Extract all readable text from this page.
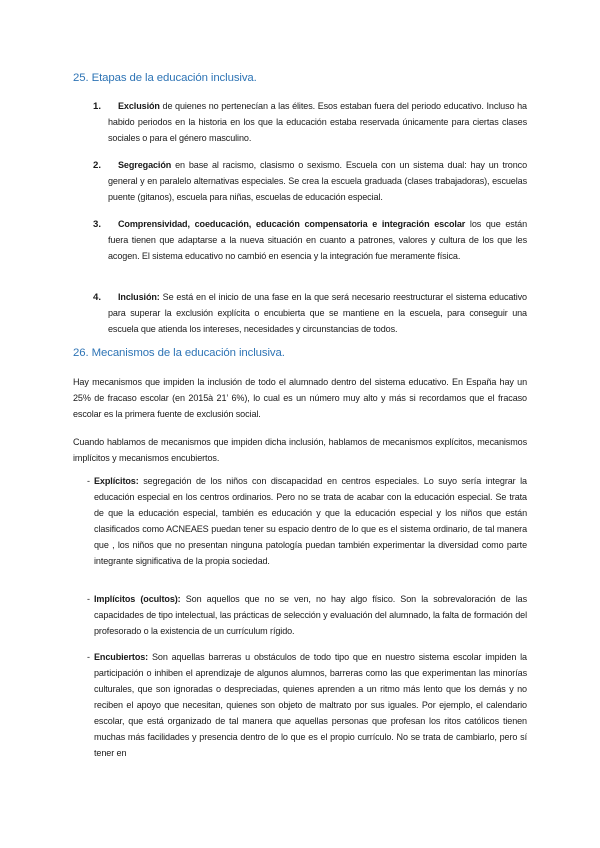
25. Etapas de la educación inclusiva.
1.	Exclusión de quienes no pertenecían a las élites. Esos estaban fuera del periodo educativo. Incluso ha habido periodos en la historia en los que la educación estaba reservada únicamente para ciertas clases sociales o para el género masculino.

2.	Segregación en base al racismo, clasismo o sexismo. Escuela con un sistema dual: hay un tronco general y en paralelo alternativas especiales. Se crea la escuela graduada (clases trabajadoras), escuelas puente (gitanos), escuela para niñas, escuelas de educación especial.

3.	Comprensividad, coeducación, educación compensatoria e integración escolar los que están fuera tienen que adaptarse a la nueva situación en cuanto a patrones, valores y cultura de los que les acogen. El sistema educativo no cambió en esencia y la integración fue meramente física.

4.	Inclusión: Se está en el inicio de una fase en la que será necesario reestructurar el sistema educativo para superar la exclusión explícita o encubierta que se mantiene en la escuela, para conseguir una escuela que atienda los intereses, necesidades y circunstancias de todos.

26. Mecanismos de la educación inclusiva.

Hay mecanismos que impiden la inclusión de todo el alumnado dentro del sistema educativo. En España hay un 25% de fracaso escolar (en 2015à 21’ 6%), lo cual es un número muy alto y más si recordamos que el fracaso escolar es la primera fuente de exclusión social.

Cuando hablamos de mecanismos que impiden dicha inclusión, hablamos de mecanismos explícitos, mecanismos implícitos y mecanismos encubiertos.

- Explícitos: segregación de los niños con discapacidad en centros especiales. Lo suyo sería integrar la educación especial en los centros ordinarios. Pero no se trata de acabar con la educación especial. Se trata de que la educación especial, también es educación y que la educación especial y los niños que están clasificados como ACNEAES puedan tener su espacio dentro de lo que es el sistema ordinario, de tal manera que , los niños que no presentan ninguna patología puedan también experimentar la diversidad como parte integrante significativa de la propia sociedad.

- Implícitos (ocultos): Son aquellos que no se ven, no hay algo físico. Son la sobrevaloración de las capacidades de tipo intelectual, las prácticas de selección y evaluación del alumnado, la falta de formación del profesorado o la existencia de un currículum rígido.

- Encubiertos: Son aquellas barreras u obstáculos de todo tipo que en nuestro sistema escolar impiden la participación o inhiben el aprendizaje de algunos alumnos, barreras como las que experimentan las minorías culturales, que son ignoradas o despreciadas, quienes aprenden a un ritmo más lento que los demás y no reciben el apoyo que necesitan, quienes son objeto de maltrato por sus iguales. Por ejemplo, el calendario escolar, que está organizado de tal manera que aquellas personas que profesan los ritos católicos tienen muchas más facilidades y presencia dentro de lo que es el propio currículo. No se trata de cambiarlo, pero sí tener en
